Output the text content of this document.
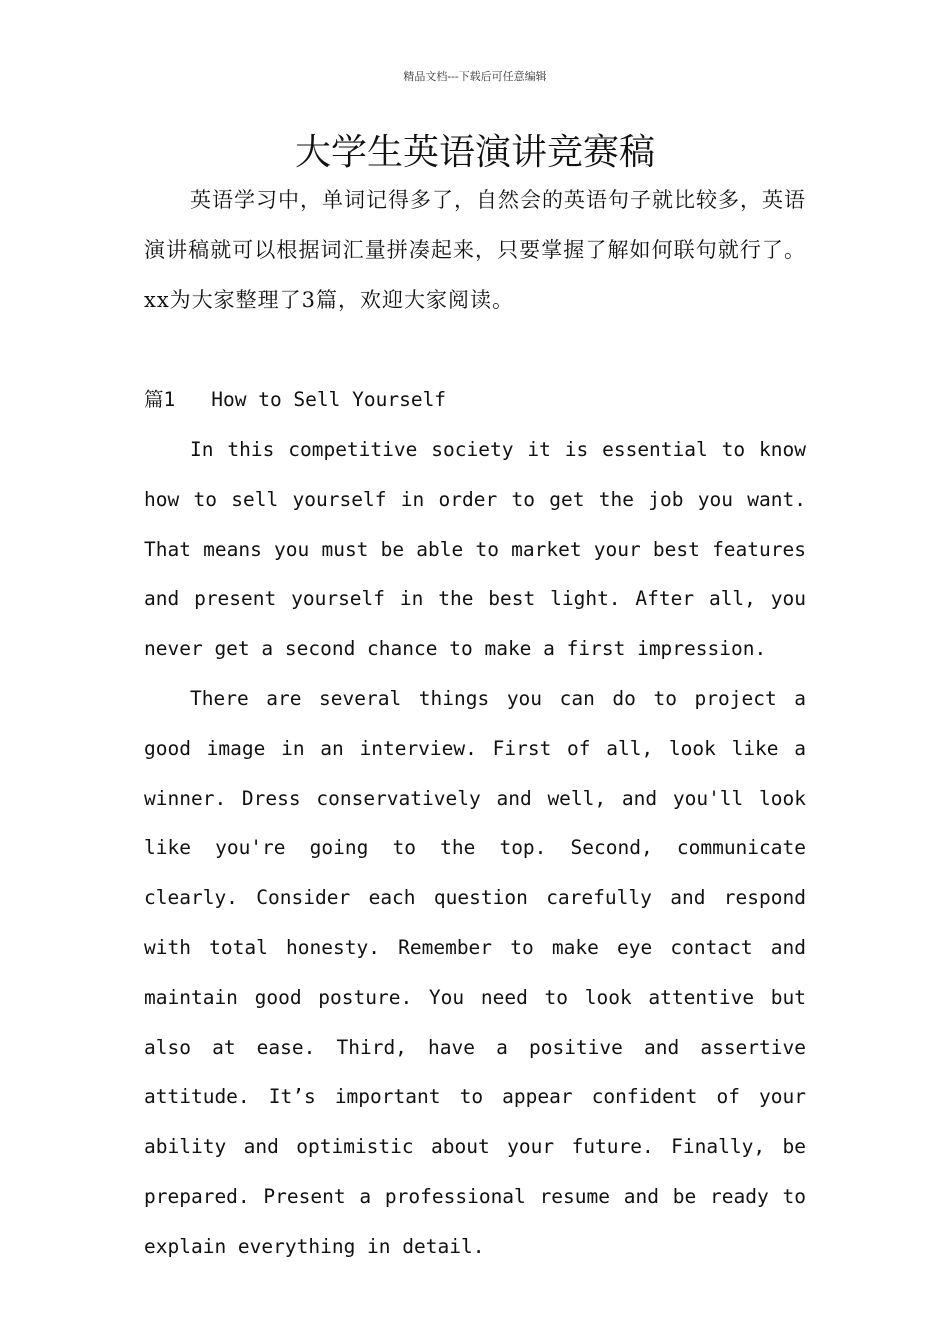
精品文档---下载后可任意编辑
大学生英语演讲竞赛稿

英语学习中，单词记得多了，自然会的英语句子就比较多，英语演讲稿就可以根据词汇量拼凑起来，只要掌握了解如何联句就行了。xx为大家整理了3篇，欢迎大家阅读。

篇1 How to Sell Yourself

In this competitive society it is essential to know how to sell yourself in order to get the job you want. That means you must be able to market your best features and present yourself in the best light. After all, you never get a second chance to make a first impression.

There are several things you can do to project a good image in an interview. First of all, look like a winner. Dress conservatively and well, and you'll look like you're going to the top. Second, communicate clearly. Consider each question carefully and respond with total honesty. Remember to make eye contact and maintain good posture. You need to look attentive but also at ease. Third, have a positive and assertive attitude. It’s important to appear confident of your ability and optimistic about your future. Finally, be prepared. Present a professional resume and be ready to explain everything in detail.
